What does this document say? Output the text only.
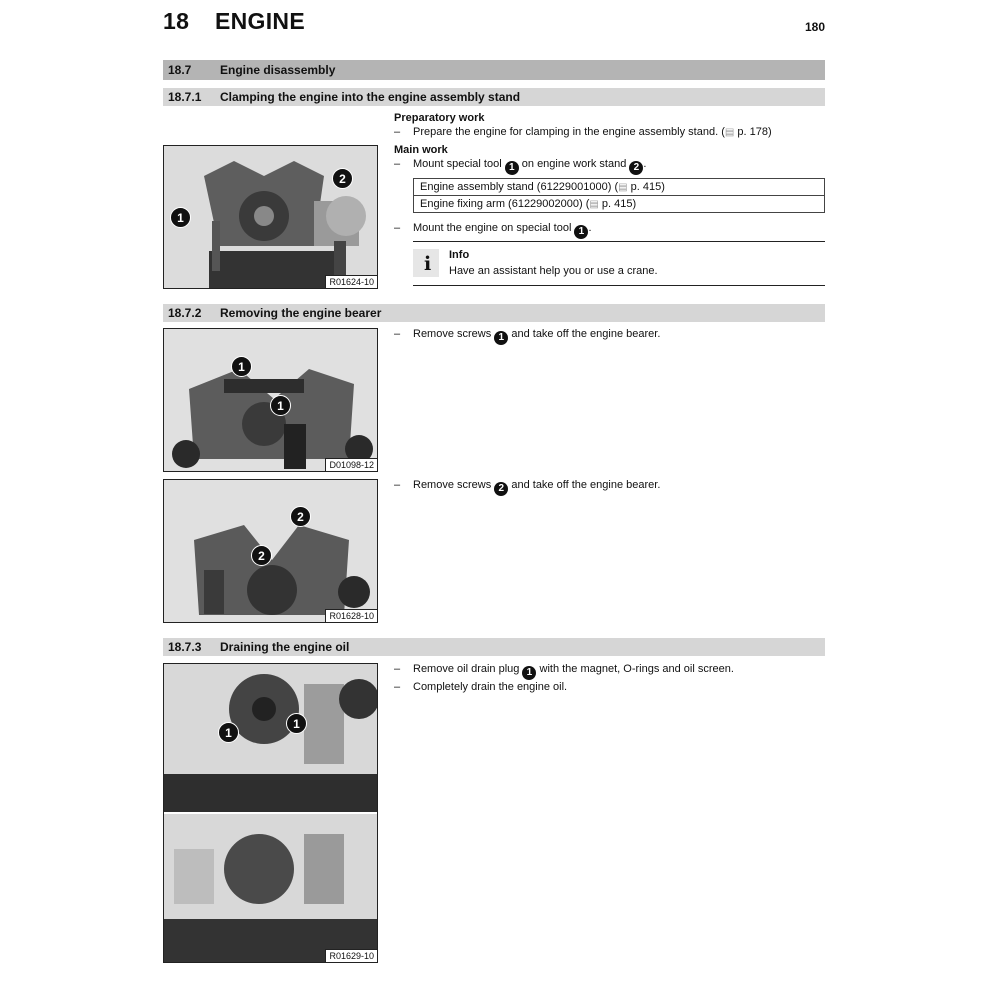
18 ENGINE	180
18.7	Engine disassembly
18.7.1	Clamping the engine into the engine assembly stand
Preparatory work
– Prepare the engine for clamping in the engine assembly stand. (▤ p. 178)
Main work
– Mount special tool 1 on engine work stand 2 .
Engine assembly stand (61229001000) (▤ p. 415)
Engine fixing arm (61229002000) (▤ p. 415)
– Mount the engine on special tool 1 .
i Info
Have an assistant help you or use a crane.
2
1
R01624-10
18.7.2	Removing the engine bearer
– Remove screws 1 and take off the engine bearer.
1
1
D01098-12
– Remove screws 2 and take off the engine bearer.
2
2
R01628-10
18.7.3	Draining the engine oil
– Remove oil drain plug 1 with the magnet, O-rings and oil screen.
– Completely drain the engine oil.
1
1
R01629-10
